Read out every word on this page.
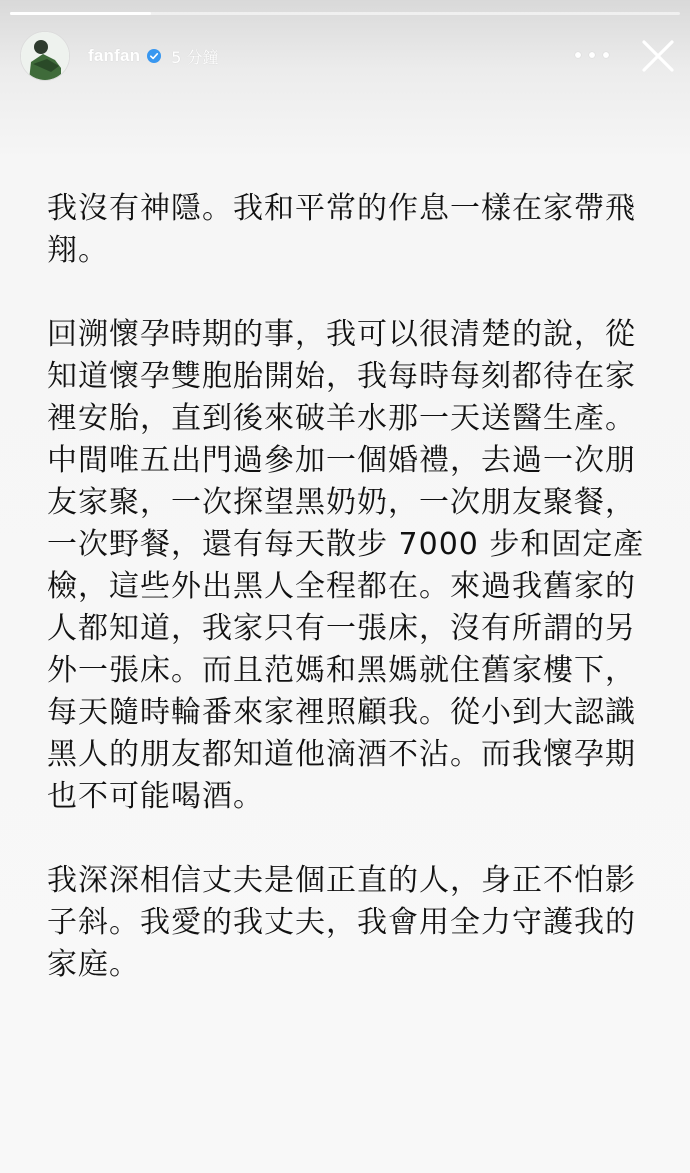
fanfan 5 分鐘

我沒有神隱。我和平常的作息一樣在家帶飛
翔。

回溯懷孕時期的事，我可以很清楚的說，從
知道懷孕雙胞胎開始，我每時每刻都待在家
裡安胎，直到後來破羊水那一天送醫生產。
中間唯五出門過參加一個婚禮，去過一次朋
友家聚，一次探望黑奶奶，一次朋友聚餐，
一次野餐，還有每天散步 7000 步和固定產
檢，這些外出黑人全程都在。來過我舊家的
人都知道，我家只有一張床，沒有所謂的另
外一張床。而且范媽和黑媽就住舊家樓下，
每天隨時輪番來家裡照顧我。從小到大認識
黑人的朋友都知道他滴酒不沾。而我懷孕期
也不可能喝酒。

我深深相信丈夫是個正直的人，身正不怕影
子斜。我愛的我丈夫，我會用全力守護我的
家庭。
